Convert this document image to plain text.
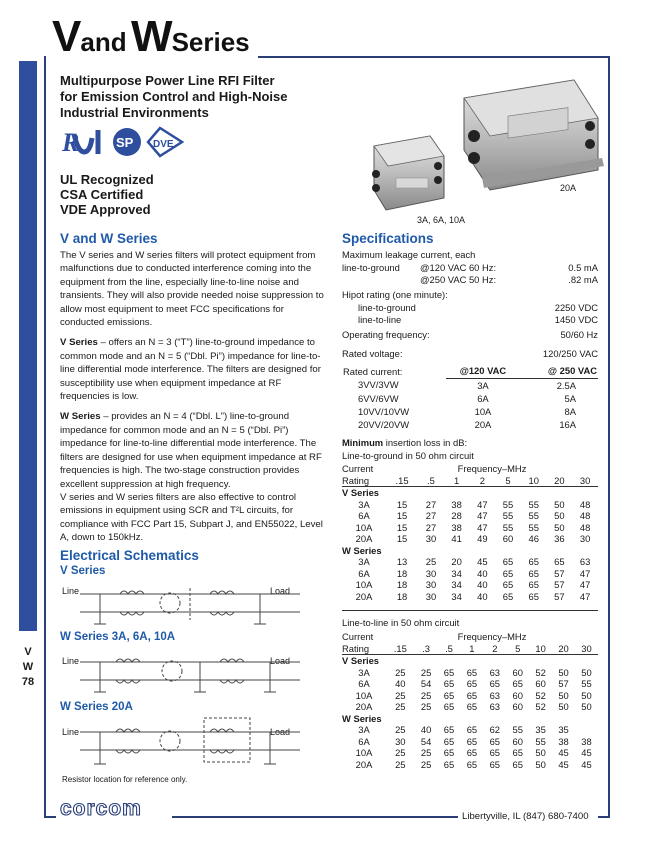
Vand WSeries
V
W
78
Multipurpose Power Line RFI Filter
for Emission Control and High-Noise
Industrial Environments
R	SP DVE
UL Recognized
CSA Certified
VDE Approved
20A
3A, 6A, 10A
V and W Series

The V series and W series filters will protect equipment from malfunctions due to conducted interference coming into the equipment from the line, especially line-to-line noise and transients. They will also provide needed noise suppression to allow most equipment to meet FCC specifications for conducted emissions.

V Series – offers an N = 3 (“T”) line-to-ground impedance to common mode and an N = 5 (“Dbl. Pi”) impedance for line-to-line differential mode interference. The filters are designed for susceptibility use when equipment impedance at RF frequencies is low.

W Series – provides an N = 4 (“Dbl. L”) line-to-ground impedance for common mode and an N = 5 (“Dbl. Pi”) impedance for line-to-line differential mode interference. The filters are designed for use when equipment impedance at RF frequencies is high. The two-stage construction provides excellent suppression at high frequency.

V series and W series filters are also effective to control emissions in equipment using SCR and T²L circuits, for compliance with FCC Part 15, Subpart J, and EN55022, Level A, down to 150kHz.

Electrical Schematics
V Series
Line	Load
W Series 3A, 6A, 10A
Line	Load
W Series 20A
Line	Load
Resistor location for reference only.
Specifications
Maximum leakage current, each
line-to-ground	@120 VAC 60 Hz:	0.5 mA
@250 VAC 50 Hz:	.82 mA
Hipot rating (one minute):
line-to-ground	2250 VDC
line-to-line	1450 VDC
Operating frequency:	50/60 Hz
Rated voltage:	120/250 VAC
Rated current:	@120 VAC	@ 250 VAC
3VV/3VW	3A	2.5A
6VV/6VW	6A	5A
10VV/10VW	10A	8A
20VV/20VW	20A	16A
Minimum insertion loss in dB:
Line-to-ground in 50 ohm circuit
Current	Frequency–MHz							
Rating	.15	.5	1	2	5	10	20	30
V Series								
3A	15	27	38	47	55	55	50	48
6A	15	27	28	47	55	55	50	48
10A	15	27	38	47	55	55	50	48
20A	15	30	41	49	60	46	36	30
W Series								
3A	13	25	20	45	65	65	65	63
6A	18	30	34	40	65	65	57	47
10A	18	30	34	40	65	65	57	47
20A	18	30	34	40	65	65	57	47
Line-to-line in 50 ohm circuit
Current	Frequency–MHz								
Rating	.15	.3	.5	1	2	5	10	20	30
V Series									
3A	25	25	65	65	63	60	52	50	50
6A	40	54	65	65	65	65	60	57	55
10A	25	25	65	65	63	60	52	50	50
20A	25	25	65	65	63	60	52	50	50
W Series									
3A	25	40	65	65	62	55	35	35	
6A	30	54	65	65	65	60	55	38	38
10A	25	25	65	65	65	65	50	45	45
20A	25	25	65	65	65	65	50	45	45
corcom	Libertyville, IL (847) 680-7400
